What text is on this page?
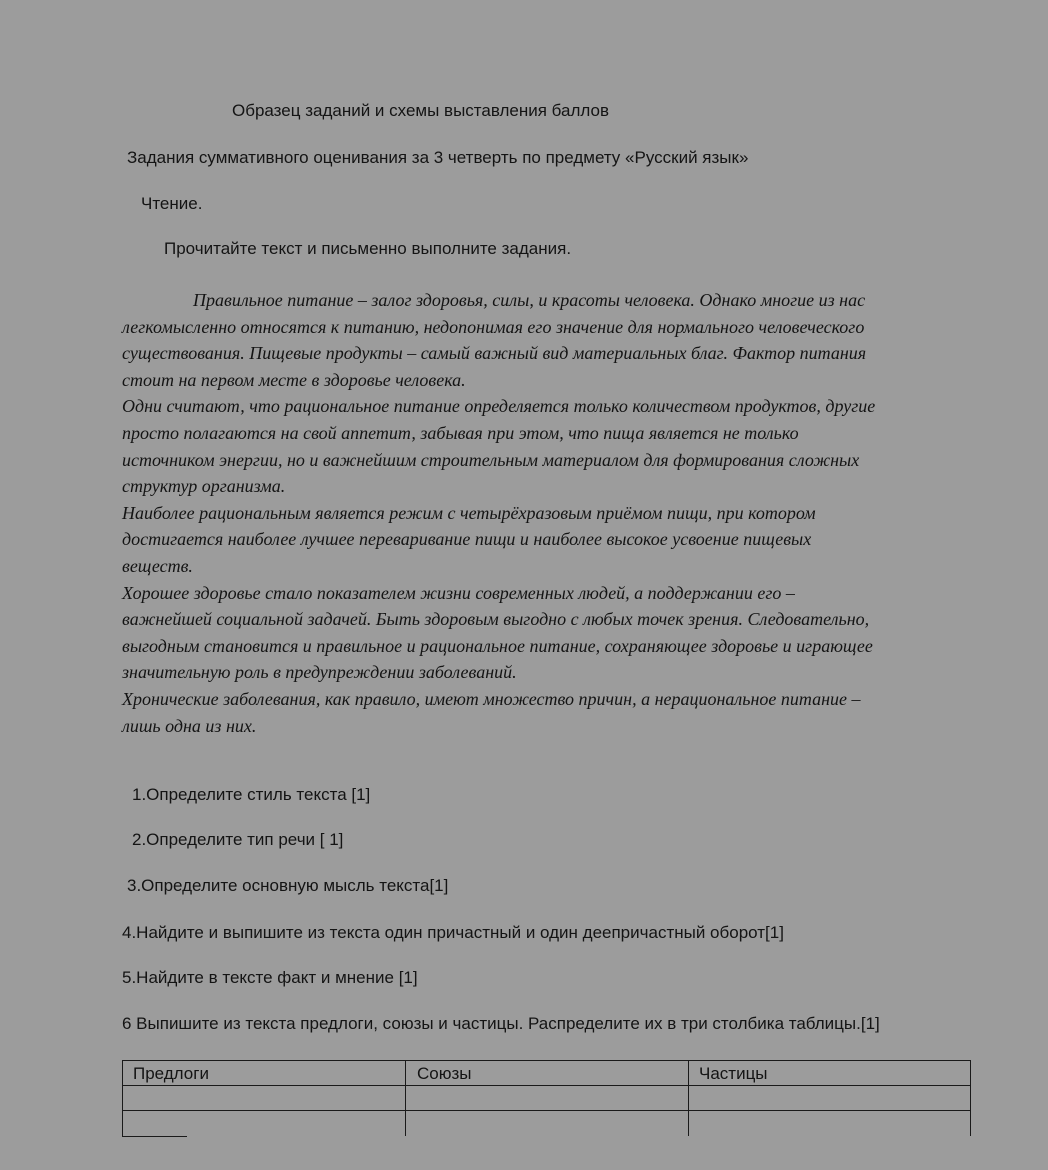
Образец заданий и схемы выставления баллов
Задания суммативного оценивания за 3 четверть по предмету «Русский язык»
Чтение.
Прочитайте текст и письменно выполните задания.
Правильное питание – залог здоровья, силы, и красоты человека. Однако многие из нас
легкомысленно относятся к питанию, недопонимая его значение для нормального человеческого
существования. Пищевые продукты – самый важный вид материальных благ. Фактор питания
стоит на первом месте в здоровье человека.
Одни считают, что рациональное питание определяется только количеством продуктов, другие
просто полагаются на свой аппетит, забывая при этом, что пища является не только
источником энергии, но и важнейшим строительным материалом для формирования сложных
структур организма.
Наиболее рациональным является режим с четырёхразовым приёмом пищи, при котором
достигается наиболее лучшее переваривание пищи и наиболее высокое усвоение пищевых
веществ.
Хорошее здоровье стало показателем жизни современных людей, а поддержании его –
важнейшей социальной задачей. Быть здоровым выгодно с любых точек зрения. Следовательно,
выгодным становится и правильное и рациональное питание, сохраняющее здоровье и играющее
значительную роль в предупреждении заболеваний.
Хронические заболевания, как правило, имеют множество причин, а нерациональное питание –
лишь одна из них.
1.Определите стиль текста [1]
2.Определите тип речи [ 1]
3.Определите основную мысль текста[1]
4.Найдите и выпишите из текста один причастный и один деепричастный оборот[1]
5.Найдите в тексте факт и мнение [1]
6 Выпишите из текста предлоги, союзы и частицы. Распределите их в три столбика таблицы.[1]
Предлоги	Союзы	Частицы
